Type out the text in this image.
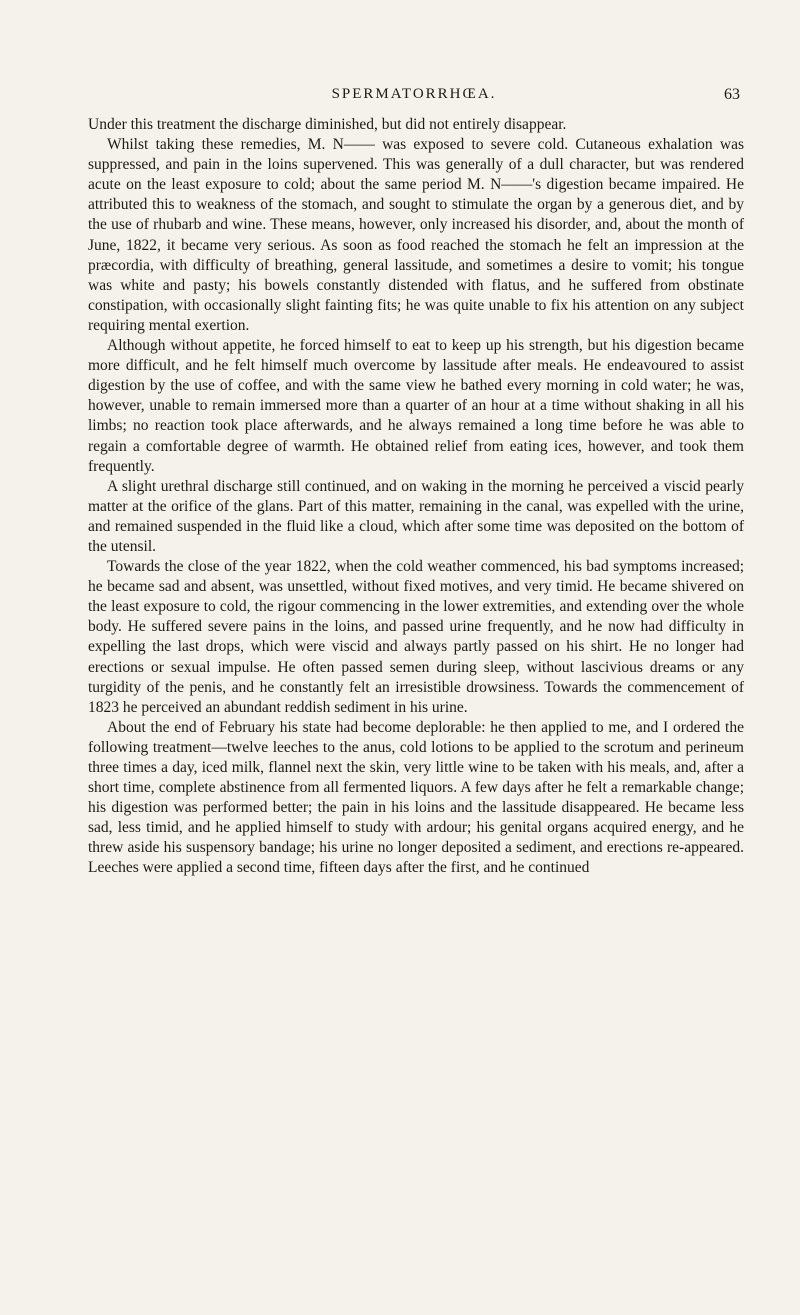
SPERMATORRHŒA.	63

Under this treatment the discharge diminished, but did not entirely disappear.

Whilst taking these remedies, M. N—— was exposed to severe cold. Cutaneous exhalation was suppressed, and pain in the loins supervened. This was generally of a dull character, but was rendered acute on the least exposure to cold; about the same period M. N——'s digestion became impaired. He attributed this to weakness of the stomach, and sought to stimulate the organ by a generous diet, and by the use of rhubarb and wine. These means, however, only increased his disorder, and, about the month of June, 1822, it became very serious. As soon as food reached the stomach he felt an impression at the præcordia, with difficulty of breathing, general lassitude, and sometimes a desire to vomit; his tongue was white and pasty; his bowels constantly distended with flatus, and he suffered from obstinate constipation, with occasionally slight fainting fits; he was quite unable to fix his attention on any subject requiring mental exertion.

Although without appetite, he forced himself to eat to keep up his strength, but his digestion became more difficult, and he felt himself much overcome by lassitude after meals. He endeavoured to assist digestion by the use of coffee, and with the same view he bathed every morning in cold water; he was, however, unable to remain immersed more than a quarter of an hour at a time without shaking in all his limbs; no reaction took place afterwards, and he always remained a long time before he was able to regain a comfortable degree of warmth. He obtained relief from eating ices, however, and took them frequently.

A slight urethral discharge still continued, and on waking in the morning he perceived a viscid pearly matter at the orifice of the glans. Part of this matter, remaining in the canal, was expelled with the urine, and remained suspended in the fluid like a cloud, which after some time was deposited on the bottom of the utensil.

Towards the close of the year 1822, when the cold weather commenced, his bad symptoms increased; he became sad and absent, was unsettled, without fixed motives, and very timid. He became shivered on the least exposure to cold, the rigour commencing in the lower extremities, and extending over the whole body. He suffered severe pains in the loins, and passed urine frequently, and he now had difficulty in expelling the last drops, which were viscid and always partly passed on his shirt. He no longer had erections or sexual impulse. He often passed semen during sleep, without lascivious dreams or any turgidity of the penis, and he constantly felt an irresistible drowsiness. Towards the commencement of 1823 he perceived an abundant reddish sediment in his urine.

About the end of February his state had become deplorable: he then applied to me, and I ordered the following treatment—twelve leeches to the anus, cold lotions to be applied to the scrotum and perineum three times a day, iced milk, flannel next the skin, very little wine to be taken with his meals, and, after a short time, complete abstinence from all fermented liquors. A few days after he felt a remarkable change; his digestion was performed better; the pain in his loins and the lassitude disappeared. He became less sad, less timid, and he applied himself to study with ardour; his genital organs acquired energy, and he threw aside his suspensory bandage; his urine no longer deposited a sediment, and erections re-appeared. Leeches were applied a second time, fifteen days after the first, and he continued
